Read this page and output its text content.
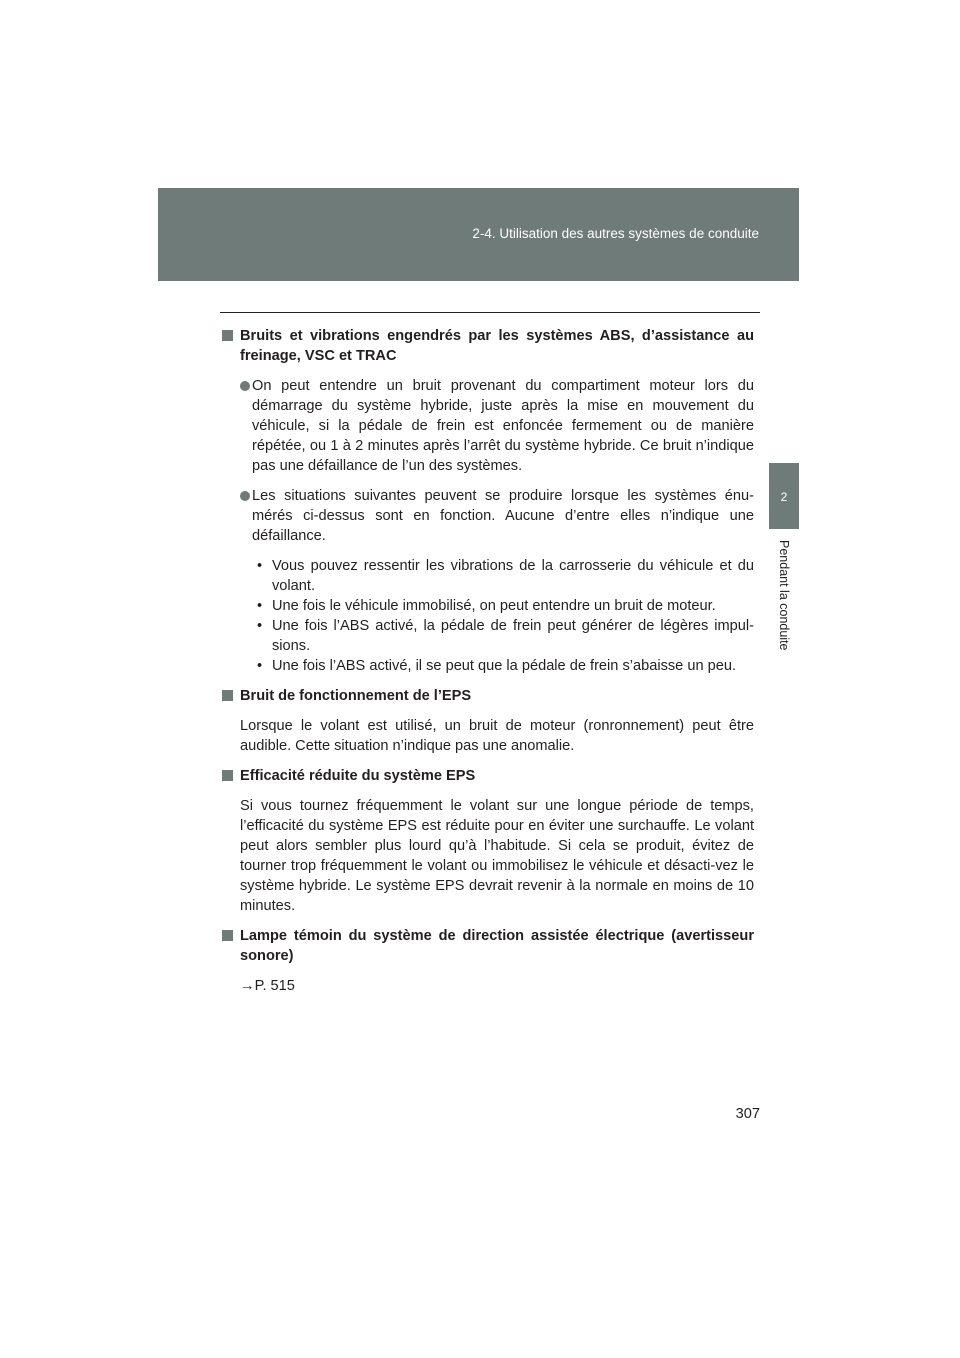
2-4. Utilisation des autres systèmes de conduite
2
Pendant la conduite
Bruits et vibrations engendrés par les systèmes ABS, d’assistance au freinage, VSC et TRAC
On peut entendre un bruit provenant du compartiment moteur lors du démarrage du système hybride, juste après la mise en mouvement du véhicule, si la pédale de frein est enfoncée fermement ou de manière répétée, ou 1 à 2 minutes après l’arrêt du système hybride. Ce bruit n’indique pas une défaillance de l’un des systèmes.
Les situations suivantes peuvent se produire lorsque les systèmes énu-mérés ci-dessus sont en fonction. Aucune d’entre elles n’indique une défaillance.
• Vous pouvez ressentir les vibrations de la carrosserie du véhicule et du volant.
• Une fois le véhicule immobilisé, on peut entendre un bruit de moteur.
• Une fois l’ABS activé, la pédale de frein peut générer de légères impul-sions.
• Une fois l’ABS activé, il se peut que la pédale de frein s’abaisse un peu.
Bruit de fonctionnement de l’EPS
Lorsque le volant est utilisé, un bruit de moteur (ronronnement) peut être audible. Cette situation n’indique pas une anomalie.
Efficacité réduite du système EPS
Si vous tournez fréquemment le volant sur une longue période de temps, l’efficacité du système EPS est réduite pour en éviter une surchauffe. Le volant peut alors sembler plus lourd qu’à l’habitude. Si cela se produit, évitez de tourner trop fréquemment le volant ou immobilisez le véhicule et désacti-vez le système hybride. Le système EPS devrait revenir à la normale en moins de 10 minutes.
Lampe témoin du système de direction assistée électrique (avertisseur sonore)
→P. 515
307
